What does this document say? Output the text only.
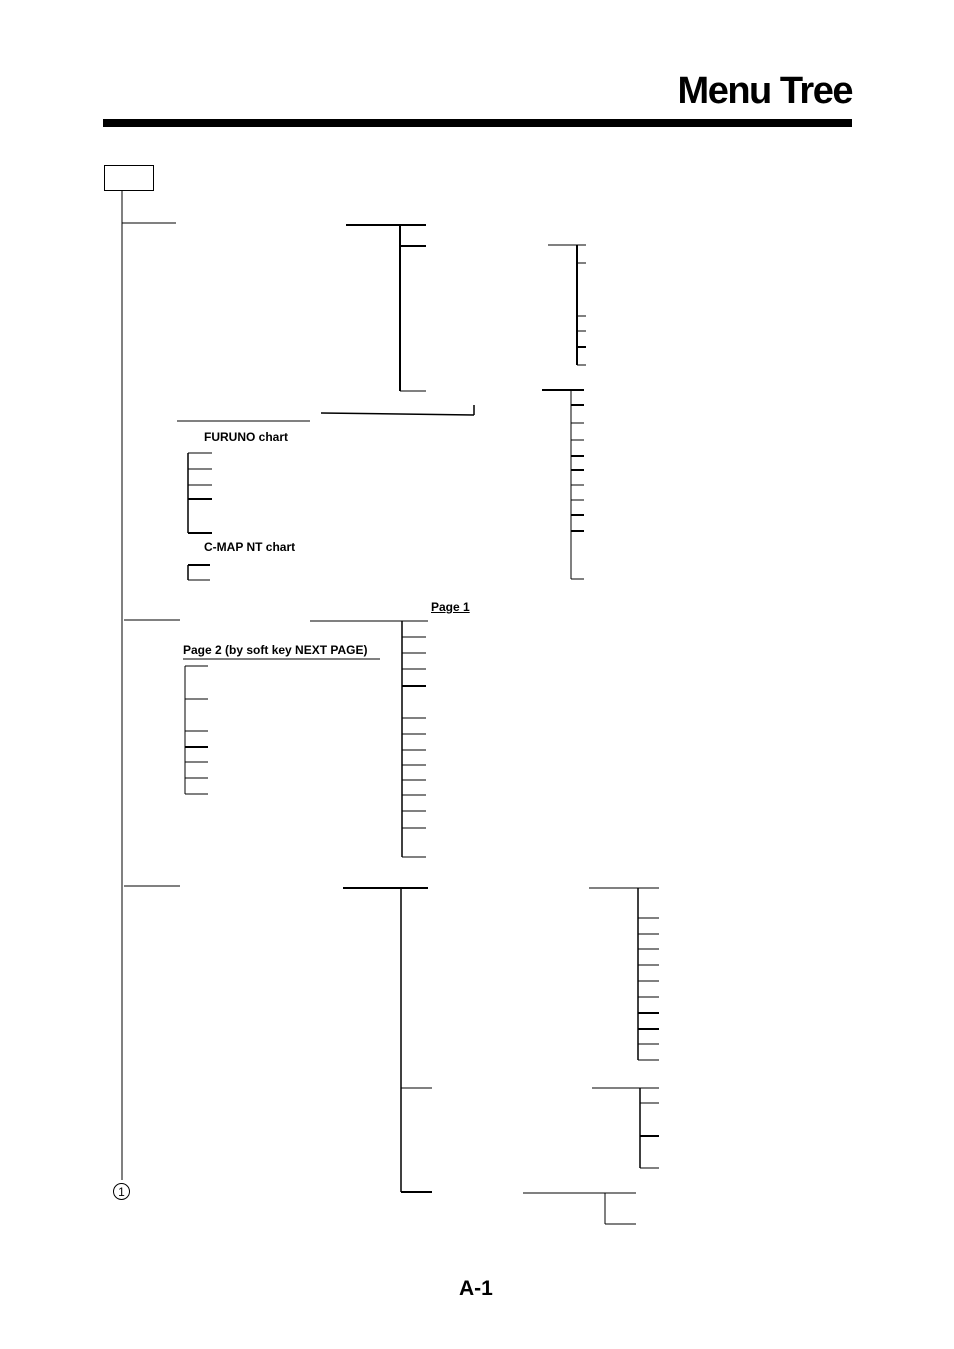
Menu Tree
FURUNO chart
C-MAP NT chart
Page 1
Page 2 (by soft key NEXT PAGE)
1
A-1
